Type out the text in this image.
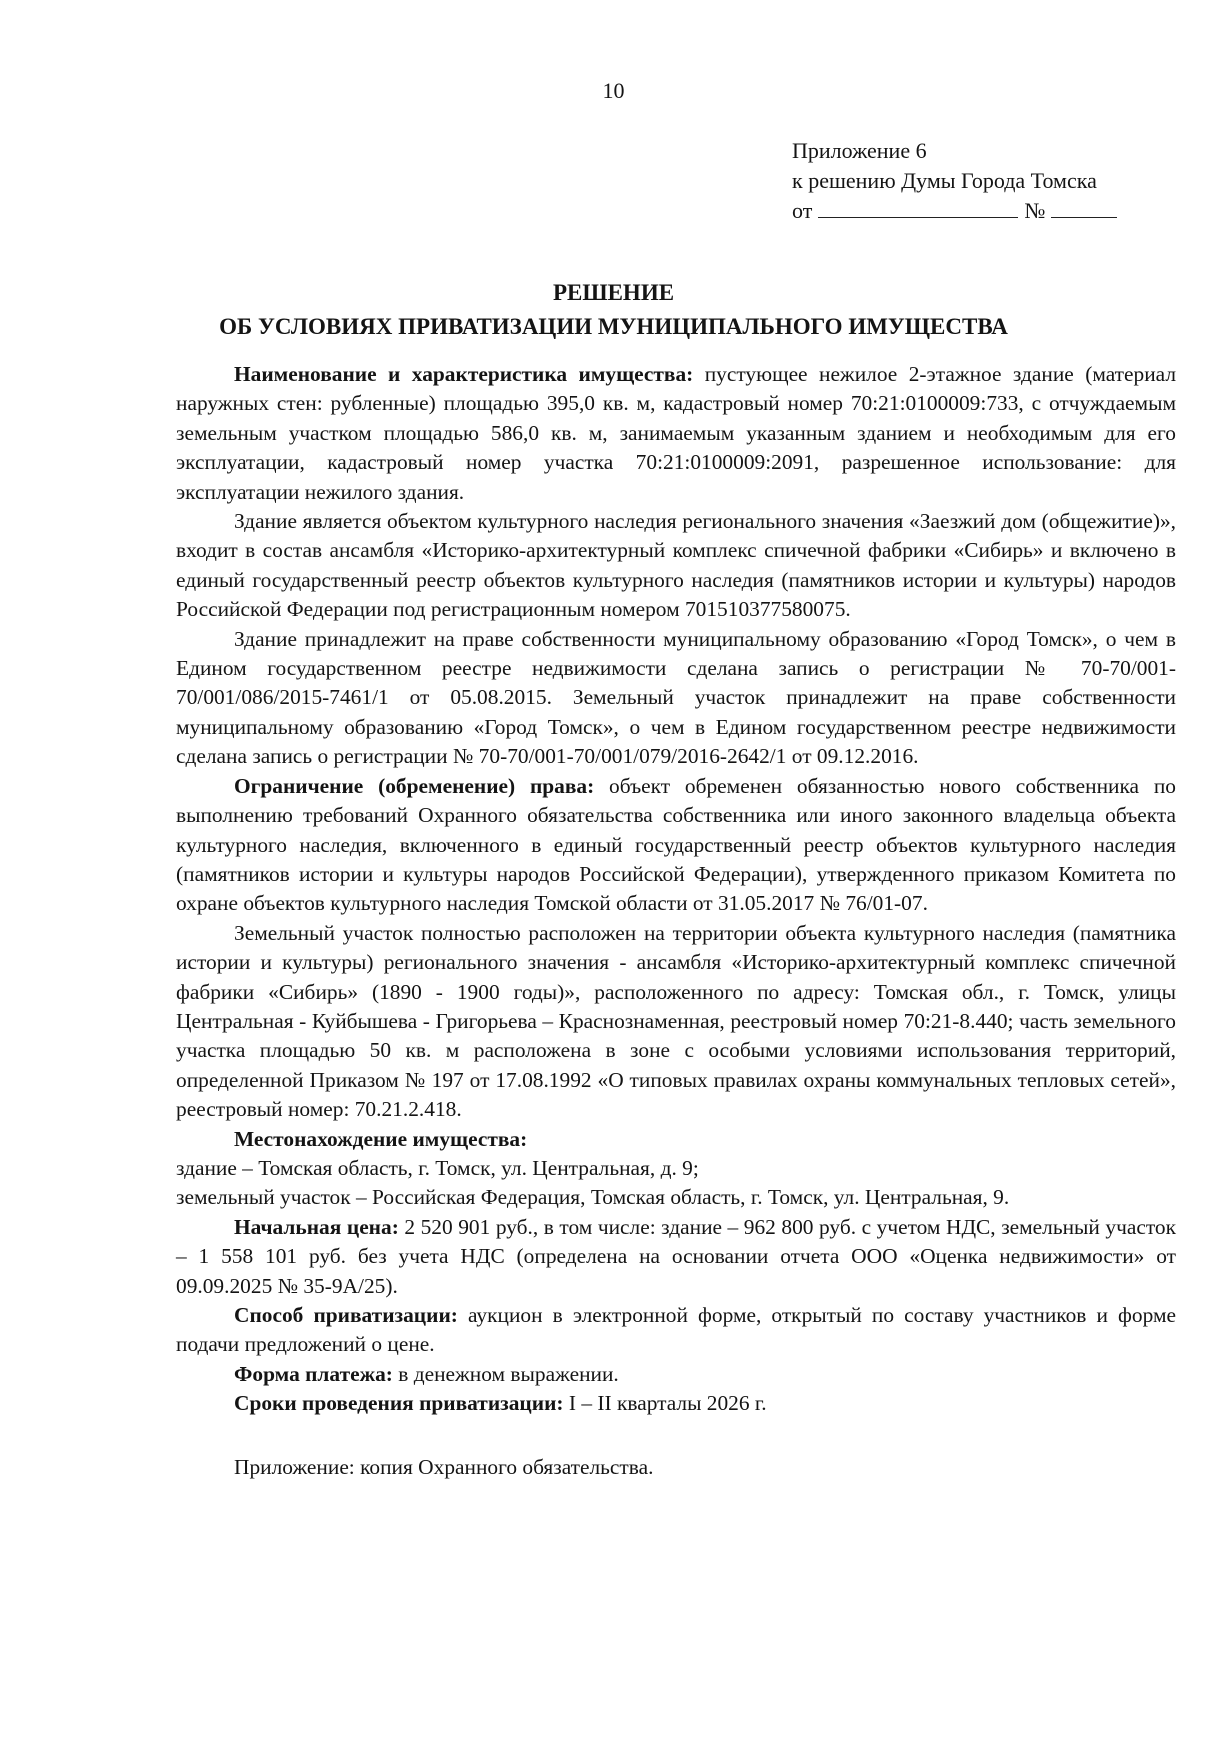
10
Приложение 6
к решению Думы Города Томска
от	№
РЕШЕНИЕ
ОБ УСЛОВИЯХ ПРИВАТИЗАЦИИ МУНИЦИПАЛЬНОГО ИМУЩЕСТВА

Наименование и характеристика имущества: пустующее нежилое 2-этажное здание (материал наружных стен: рубленные) площадью 395,0 кв. м, кадастровый номер 70:21:0100009:733, с отчуждаемым земельным участком площадью 586,0 кв. м, занимаемым указанным зданием и необходимым для его эксплуатации, кадастровый номер участка 70:21:0100009:2091, разрешенное использование: для эксплуатации нежилого здания.

Здание является объектом культурного наследия регионального значения «Заезжий дом (общежитие)», входит в состав ансамбля «Историко-архитектурный комплекс спичечной фабрики «Сибирь» и включено в единый государственный реестр объектов культурного наследия (памятников истории и культуры) народов Российской Федерации под регистрационным номером 701510377580075.

Здание принадлежит на праве собственности муниципальному образованию «Город Томск», о чем в Едином государственном реестре недвижимости сделана запись о регистрации № 70-70/001-70/001/086/2015-7461/1 от 05.08.2015. Земельный участок принадлежит на праве собственности муниципальному образованию «Город Томск», о чем в Едином государственном реестре недвижимости сделана запись о регистрации № 70-70/001-70/001/079/2016-2642/1 от 09.12.2016.

Ограничение (обременение) права: объект обременен обязанностью нового собственника по выполнению требований Охранного обязательства собственника или иного законного владельца объекта культурного наследия, включенного в единый государственный реестр объектов культурного наследия (памятников истории и культуры народов Российской Федерации), утвержденного приказом Комитета по охране объектов культурного наследия Томской области от 31.05.2017 № 76/01-07.

Земельный участок полностью расположен на территории объекта культурного наследия (памятника истории и культуры) регионального значения - ансамбля «Историко-архитектурный комплекс спичечной фабрики «Сибирь» (1890 - 1900 годы)», расположенного по адресу: Томская обл., г. Томск, улицы Центральная - Куйбышева - Григорьева – Краснознаменная, реестровый номер 70:21-8.440; часть земельного участка площадью 50 кв. м расположена в зоне с особыми условиями использования территорий, определенной Приказом № 197 от 17.08.1992 «О типовых правилах охраны коммунальных тепловых сетей», реестровый номер: 70.21.2.418.

Местонахождение имущества:

здание – Томская область, г. Томск, ул. Центральная, д. 9;

земельный участок – Российская Федерация, Томская область, г. Томск, ул. Центральная, 9.

Начальная цена: 2 520 901 руб., в том числе: здание – 962 800 руб. с учетом НДС, земельный участок – 1 558 101 руб. без учета НДС (определена на основании отчета ООО «Оценка недвижимости» от 09.09.2025 № 35-9А/25).

Способ приватизации: аукцион в электронной форме, открытый по составу участников и форме подачи предложений о цене.

Форма платежа: в денежном выражении.

Сроки проведения приватизации: I – II кварталы 2026 г.

Приложение: копия Охранного обязательства.
